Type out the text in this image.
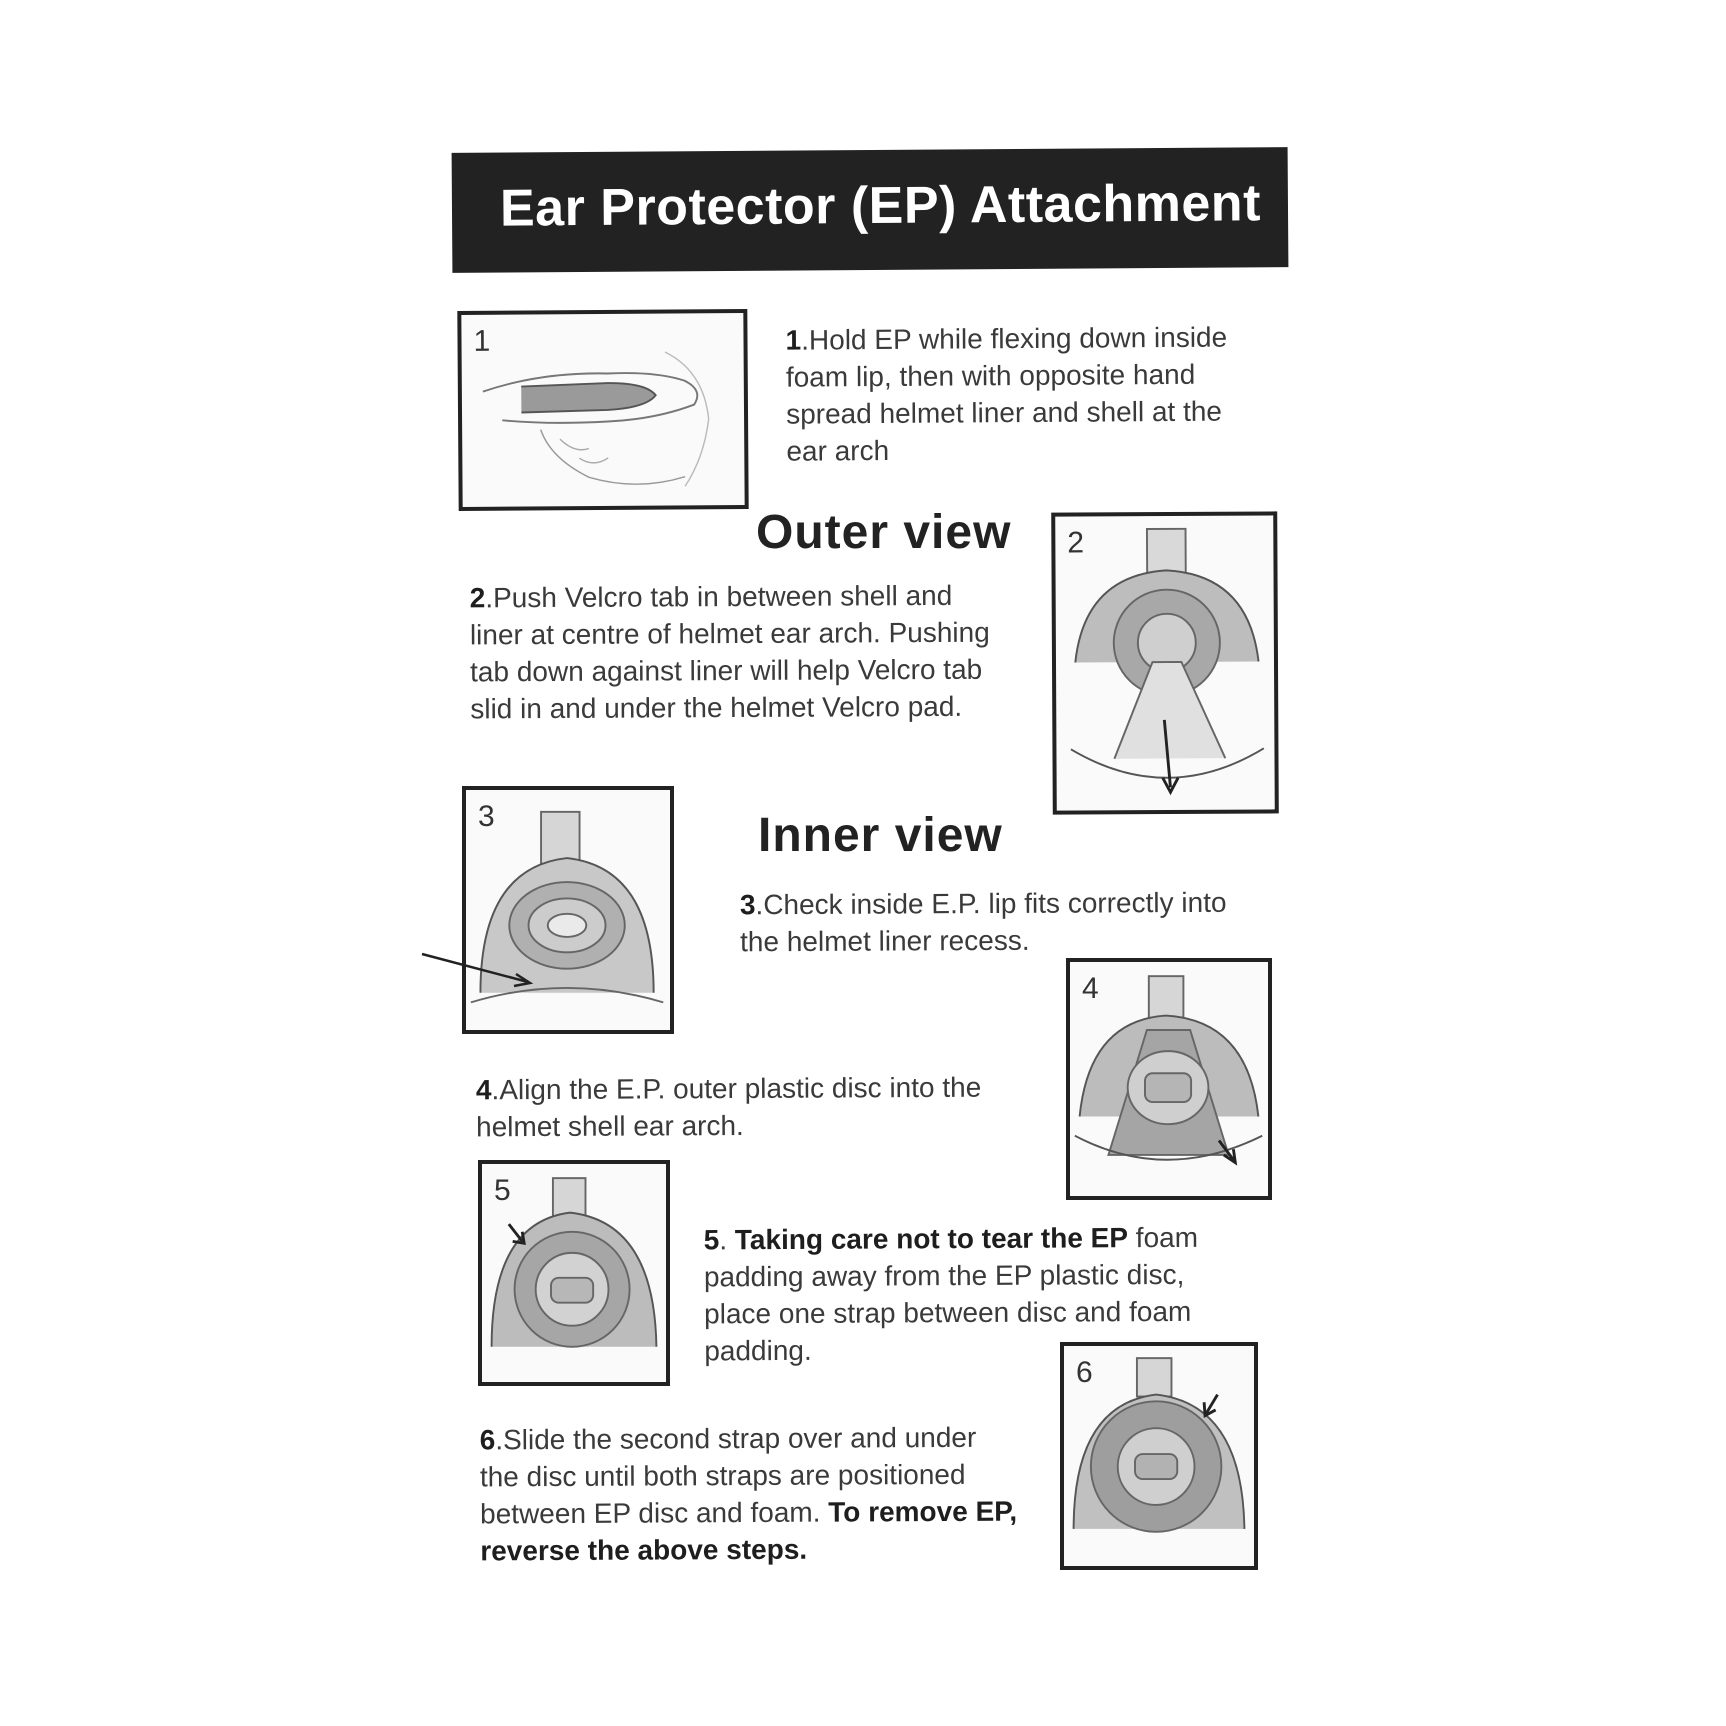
Ear Protector (EP) Attachment
1	1.Hold EP while flexing down inside foam lip, then with opposite hand spread helmet liner and shell at the ear arch
Outer view 2
2.Push Velcro tab in between shell and liner at centre of helmet ear arch. Pushing tab down against liner will help Velcro tab slid in and under the helmet Velcro pad.
3	Inner view
3.Check inside E.P. lip fits correctly into the helmet liner recess.
4
4.Align the E.P. outer plastic disc into the helmet shell ear arch.
5
5. Taking care not to tear the EP foam padding away from the EP plastic disc, place one strap between disc and foam padding.
6
6.Slide the second strap over and under the disc until both straps are positioned between EP disc and foam. To remove EP, reverse the above steps.
